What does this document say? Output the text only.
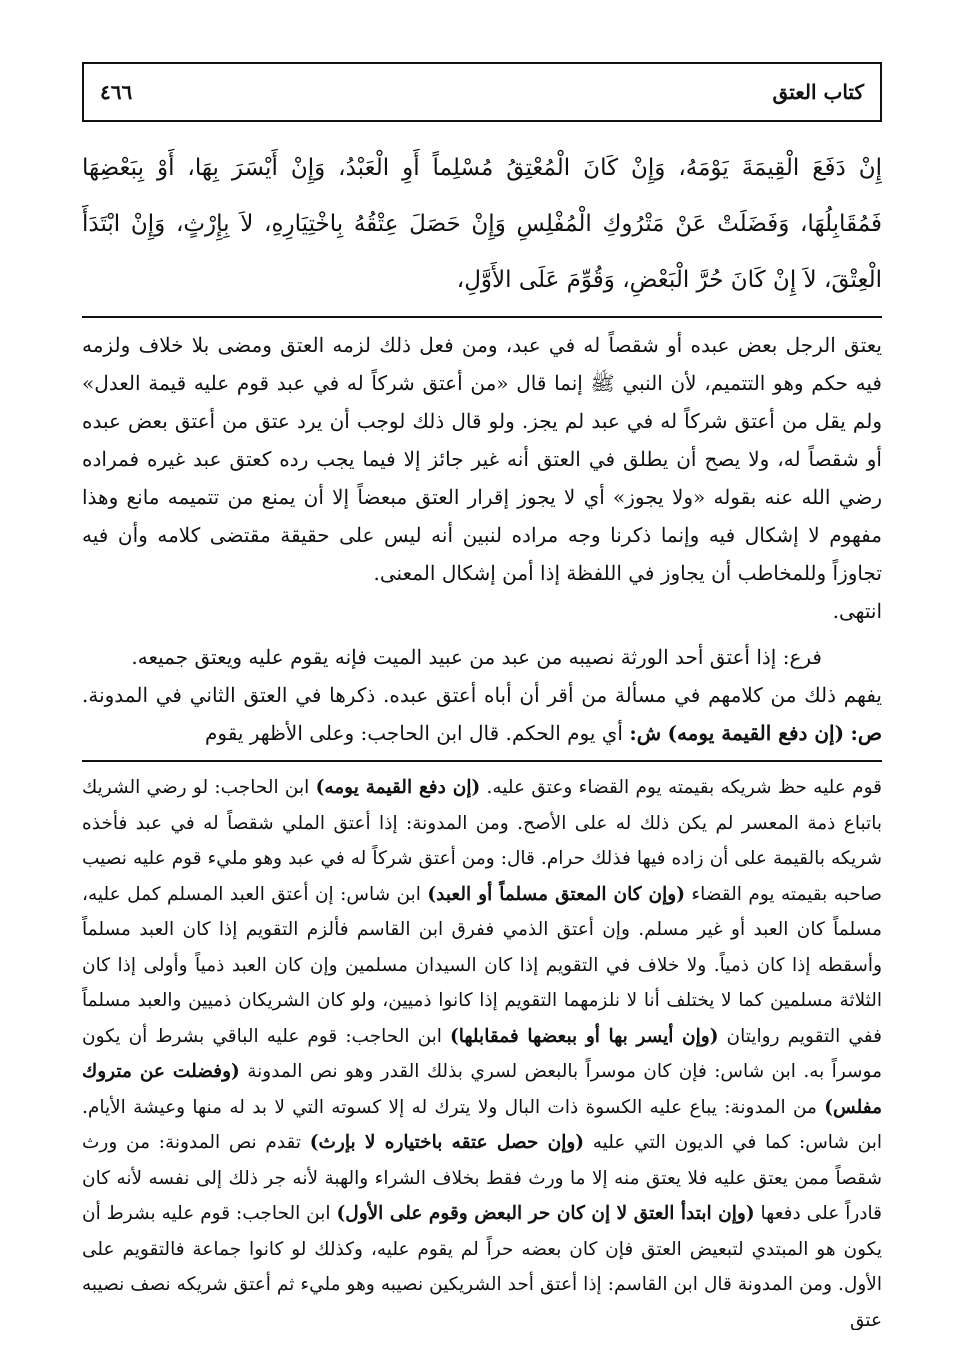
كتاب العتق
٤٦٦
إِنْ دَفَعَ الْقِيمَةَ يَوْمَهُ، وَإِنْ كَانَ الْمُعْتِقُ مُسْلِماً أَوِ الْعَبْدُ، وَإِنْ أَيْسَرَ بِهَا، أَوْ بِبَعْضِهَا فَمُقَابِلُهَا، وَفَضَلَتْ عَنْ مَتْرُوكِ الْمُفْلِسِ وَإِنْ حَصَلَ عِتْقُهُ بِاخْتِيَارِهِ، لاَ بِإِرْثٍ، وَإِنْ ابْتَدَأَ الْعِتْقَ، لاَ إِنْ كَانَ حُرَّ الْبَعْضِ، وَقُوِّمَ عَلَى الأَوَّلِ،
يعتق الرجل بعض عبده أو شقصاً له في عبد، ومن فعل ذلك لزمه العتق ومضى بلا خلاف ولزمه فيه حكم وهو التتميم، لأن النبي ﷺ إنما قال «من أعتق شركاً له في عبد قوم عليه قيمة العدل» ولم يقل من أعتق شركاً له في عبد لم يجز. ولو قال ذلك لوجب أن يرد عتق من أعتق بعض عبده أو شقصاً له، ولا يصح أن يطلق في العتق أنه غير جائز إلا فيما يجب رده كعتق عبد غيره فمراده رضي الله عنه بقوله «ولا يجوز» أي لا يجوز إقرار العتق مبعضاً إلا أن يمنع من تتميمه مانع وهذا مفهوم لا إشكال فيه وإنما ذكرنا وجه مراده لنبين أنه ليس على حقيقة مقتضى كلامه وأن فيه تجاوزاً وللمخاطب أن يجاوز في اللفظة إذا أمن إشكال المعنى.
انتهى.
فرع: إذا أعتق أحد الورثة نصيبه من عبد من عبيد الميت فإنه يقوم عليه ويعتق جميعه.
يفهم ذلك من كلامهم في مسألة من أقر أن أباه أعتق عبده. ذكرها في العتق الثاني في المدونة. ص: (إن دفع القيمة يومه) ش: أي يوم الحكم. قال ابن الحاجب: وعلى الأظهر يقوم
قوم عليه حظ شريكه بقيمته يوم القضاء وعتق عليه. (إن دفع القيمة يومه) ابن الحاجب: لو رضي الشريك باتباع ذمة المعسر لم يكن ذلك له على الأصح. ومن المدونة: إذا أعتق الملي شقصاً له في عبد فأخذه شريكه بالقيمة على أن زاده فيها فذلك حرام. قال: ومن أعتق شركاً له في عبد وهو مليء قوم عليه نصيب صاحبه بقيمته يوم القضاء (وإن كان المعتق مسلماً أو العبد) ابن شاس: إن أعتق العبد المسلم كمل عليه، مسلماً كان العبد أو غير مسلم. وإن أعتق الذمي ففرق ابن القاسم فألزم التقويم إذا كان العبد مسلماً وأسقطه إذا كان ذمياً. ولا خلاف في التقويم إذا كان السيدان مسلمين وإن كان العبد ذمياً وأولى إذا كان الثلاثة مسلمين كما لا يختلف أنا لا نلزمهما التقويم إذا كانوا ذميين، ولو كان الشريكان ذميين والعبد مسلماً ففي التقويم روايتان (وإن أيسر بها أو ببعضها فمقابلها) ابن الحاجب: قوم عليه الباقي بشرط أن يكون موسراً به. ابن شاس: فإن كان موسراً بالبعض لسري بذلك القدر وهو نص المدونة (وفضلت عن متروك مفلس) من المدونة: يباع عليه الكسوة ذات البال ولا يترك له إلا كسوته التي لا بد له منها وعيشة الأيام. ابن شاس: كما في الديون التي عليه (وإن حصل عتقه باختياره لا بإرث) تقدم نص المدونة: من ورث شقصاً ممن يعتق عليه فلا يعتق منه إلا ما ورث فقط بخلاف الشراء والهبة لأنه جر ذلك إلى نفسه لأنه كان قادراً على دفعها (وإن ابتدأ العتق لا إن كان حر البعض وقوم على الأول) ابن الحاجب: قوم عليه بشرط أن يكون هو المبتدي لتبعيض العتق فإن كان بعضه حراً لم يقوم عليه، وكذلك لو كانوا جماعة فالتقويم على الأول. ومن المدونة قال ابن القاسم: إذا أعتق أحد الشريكين نصيبه وهو مليء ثم أعتق شريكه نصف نصيبه عتق
